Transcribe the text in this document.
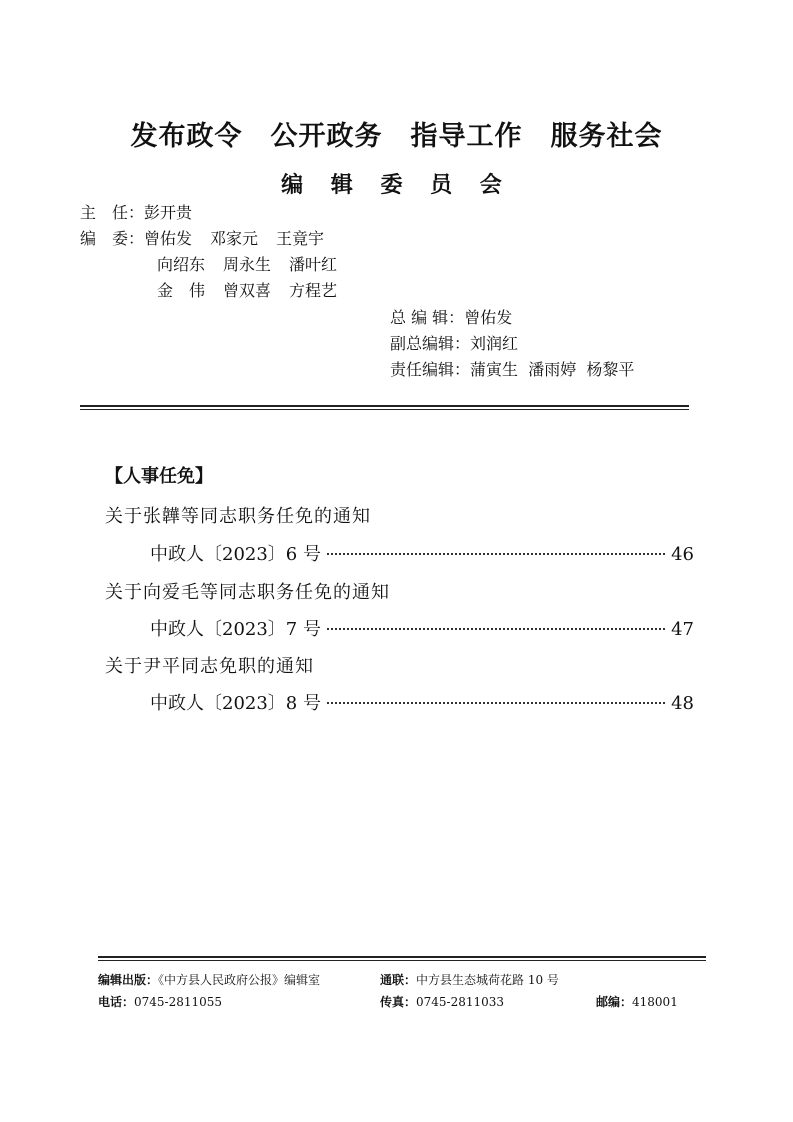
发布政令 公开政务 指导工作 服务社会
编 辑 委 员 会
主　任：彭开贵
编　委：曾佑发 邓家元 王竟宇
向绍东 周永生 潘叶红
金　伟 曾双喜 方程艺
总 编 辑：曾佑发
副总编辑：刘润红
责任编辑：蒲寅生  潘雨婷  杨黎平
【人事任免】
关于张韡等同志职务任免的通知
中政人〔2023〕6 号	46
关于向爱毛等同志职务任免的通知
中政人〔2023〕7 号	47
关于尹平同志免职的通知
中政人〔2023〕8 号	48
编辑出版：《中方县人民政府公报》编辑室	通联：中方县生态城荷花路 10 号
电话：0745-2811055	传真：0745-2811033	邮编：418001
